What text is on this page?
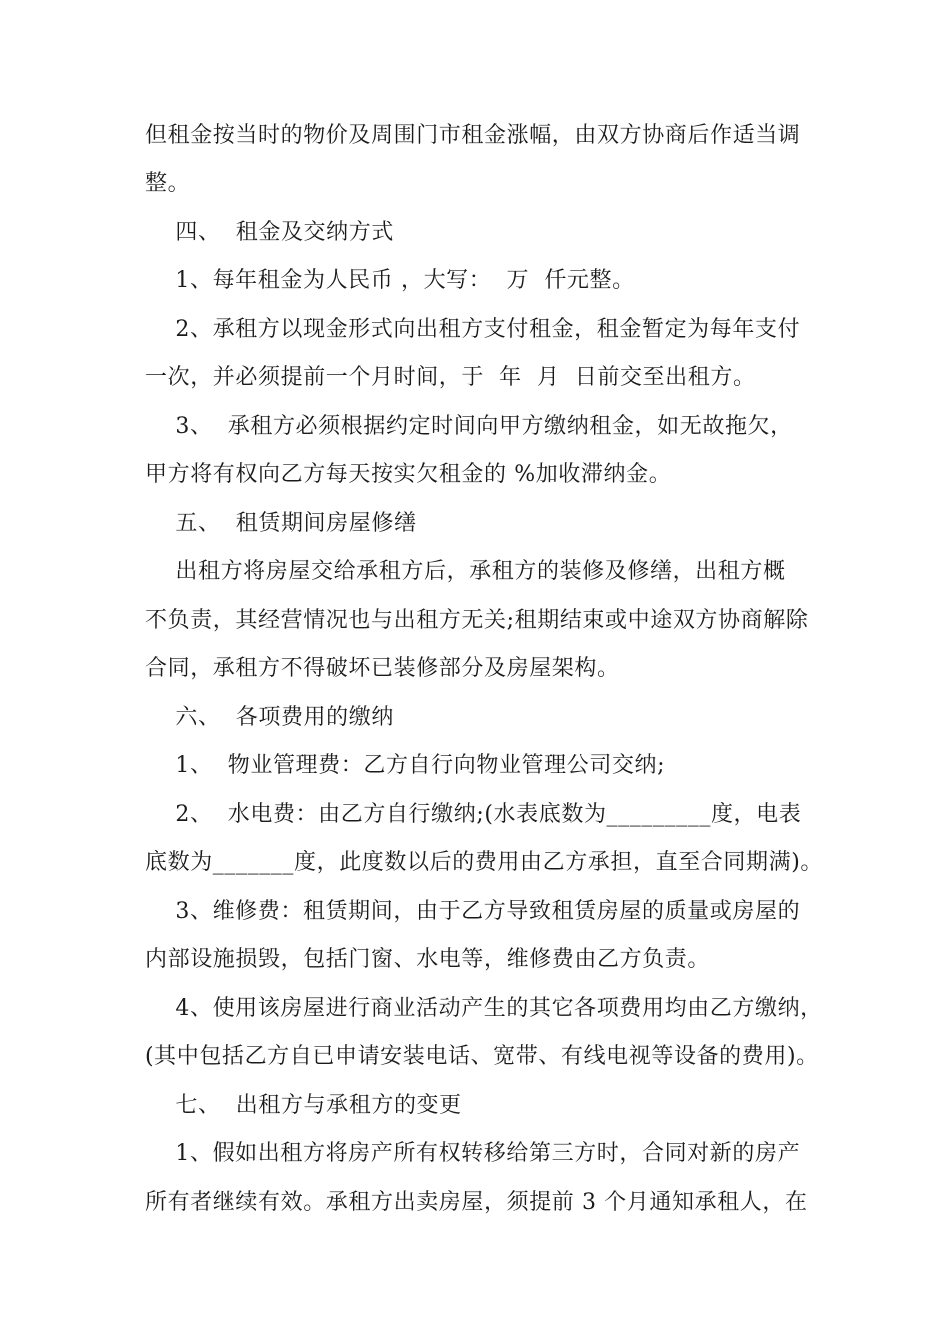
但租金按当时的物价及周围门市租金涨幅，由双方协商后作适当调
整。
四、  租金及交纳方式
1、每年租金为人民币 ，大写：  万  仟元整。
2、承租方以现金形式向出租方支付租金，租金暂定为每年支付
一次，并必须提前一个月时间，于  年  月  日前交至出租方。
3、  承租方必须根据约定时间向甲方缴纳租金，如无故拖欠，
甲方将有权向乙方每天按实欠租金的 %加收滞纳金。
五、  租赁期间房屋修缮
出租方将房屋交给承租方后，承租方的装修及修缮，出租方概
不负责，其经营情况也与出租方无关;租期结束或中途双方协商解除
合同，承租方不得破坏已装修部分及房屋架构。
六、  各项费用的缴纳
1、  物业管理费：乙方自行向物业管理公司交纳;
2、  水电费：由乙方自行缴纳;(水表底数为_________度，电表
底数为_______度，此度数以后的费用由乙方承担，直至合同期满)。
3、维修费：租赁期间，由于乙方导致租赁房屋的质量或房屋的
内部设施损毁，包括门窗、水电等，维修费由乙方负责。
4、使用该房屋进行商业活动产生的其它各项费用均由乙方缴纳，
(其中包括乙方自已申请安装电话、宽带、有线电视等设备的费用)。
七、  出租方与承租方的变更
1、假如出租方将房产所有权转移给第三方时，合同对新的房产
所有者继续有效。承租方出卖房屋，须提前 3 个月通知承租人，在
